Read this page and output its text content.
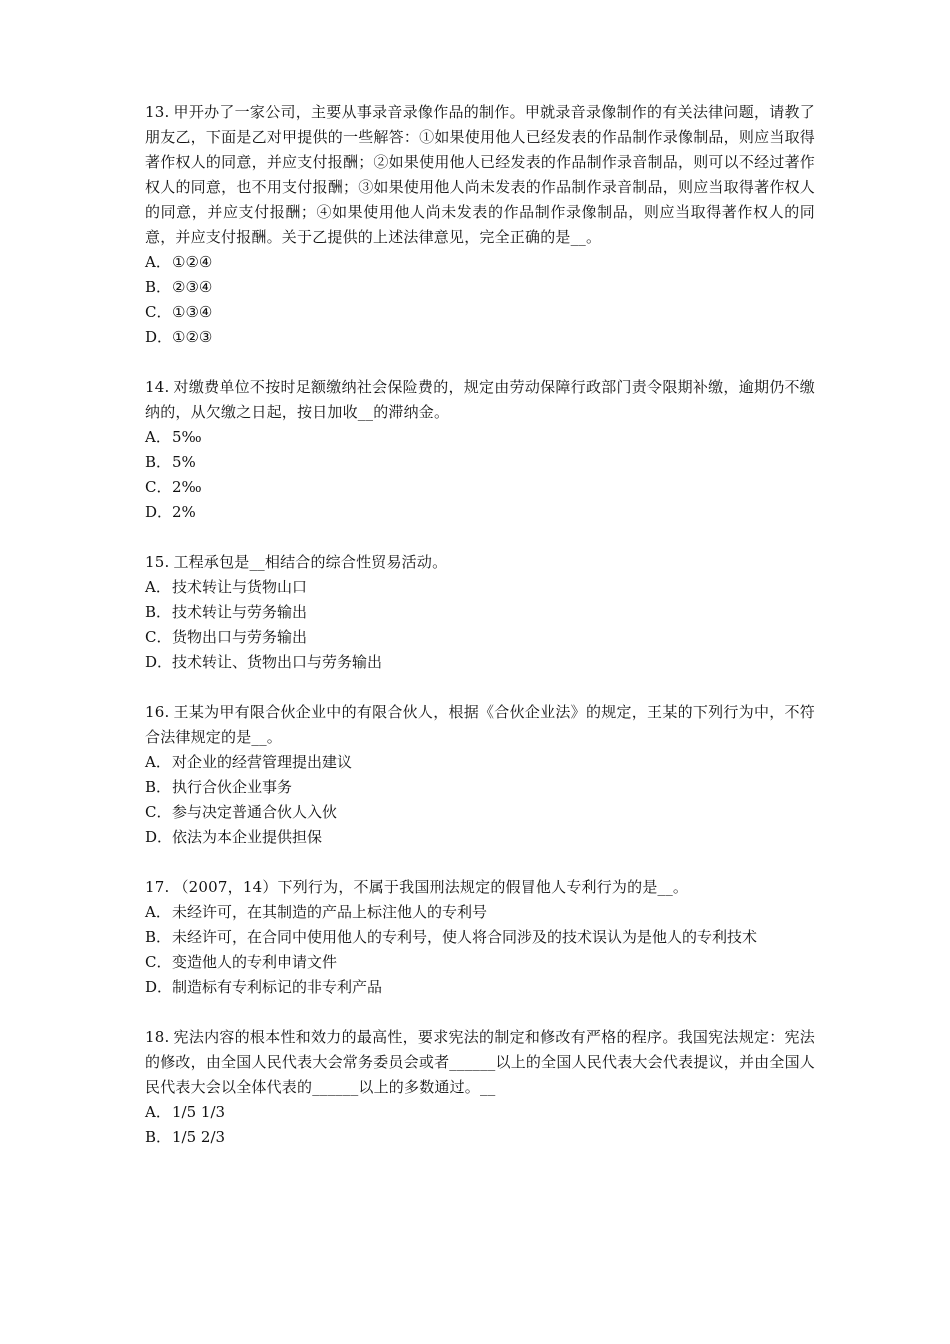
13. 甲开办了一家公司，主要从事录音录像作品的制作。甲就录音录像制作的有关法律问题，请教了朋友乙，下面是乙对甲提供的一些解答：①如果使用他人已经发表的作品制作录像制品，则应当取得著作权人的同意，并应支付报酬；②如果使用他人已经发表的作品制作录音制品，则可以不经过著作权人的同意，也不用支付报酬；③如果使用他人尚未发表的作品制作录音制品，则应当取得著作权人的同意，并应支付报酬；④如果使用他人尚未发表的作品制作录像制品，则应当取得著作权人的同意，并应支付报酬。关于乙提供的上述法律意见，完全正确的是__。

A．①②④

B．②③④

C．①③④

D．①②③

14. 对缴费单位不按时足额缴纳社会保险费的，规定由劳动保障行政部门责令限期补缴，逾期仍不缴纳的，从欠缴之日起，按日加收__的滞纳金。

A．5‰

B．5%

C．2‰

D．2%

15. 工程承包是__相结合的综合性贸易活动。

A．技术转让与货物山口

B．技术转让与劳务输出

C．货物出口与劳务输出

D．技术转让、货物出口与劳务输出

16. 王某为甲有限合伙企业中的有限合伙人，根据《合伙企业法》的规定，王某的下列行为中，不符合法律规定的是__。

A．对企业的经营管理提出建议

B．执行合伙企业事务

C．参与决定普通合伙人入伙

D．依法为本企业提供担保

17. （2007，14）下列行为，不属于我国刑法规定的假冒他人专利行为的是__。

A．未经许可，在其制造的产品上标注他人的专利号

B．未经许可，在合同中使用他人的专利号，使人将合同涉及的技术误认为是他人的专利技术

C．变造他人的专利申请文件

D．制造标有专利标记的非专利产品

18. 宪法内容的根本性和效力的最高性，要求宪法的制定和修改有严格的程序。我国宪法规定：宪法的修改，由全国人民代表大会常务委员会或者______以上的全国人民代表大会代表提议，并由全国人民代表大会以全体代表的______以上的多数通过。__

A．1/5 1/3

B．1/5 2/3
